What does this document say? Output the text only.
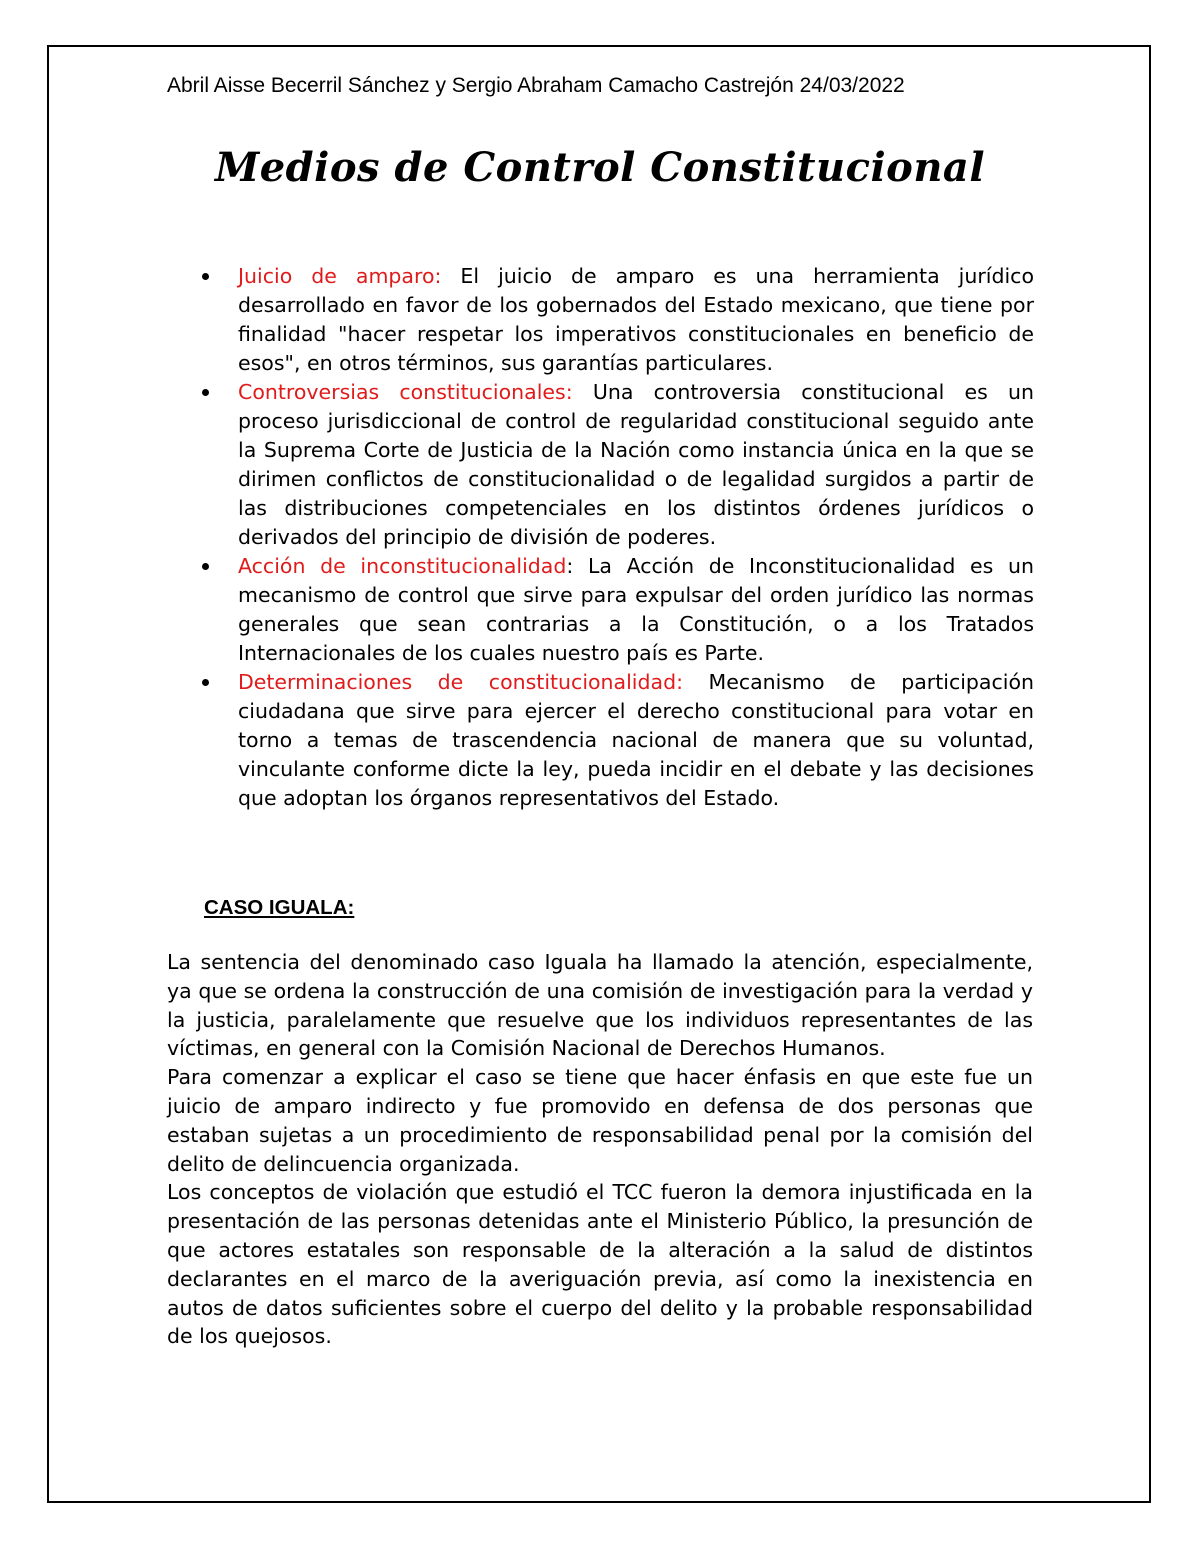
Abril Aisse Becerril Sánchez y Sergio Abraham Camacho Castrejón 24/03/2022
Medios de Control Constitucional
Juicio de amparo: El juicio de amparo es una herramienta jurídico desarrollado en favor de los gobernados del Estado mexicano, que tiene por finalidad "hacer respetar los imperativos constitucionales en beneficio de esos", en otros términos, sus garantías particulares.
Controversias constitucionales: Una controversia constitucional es un proceso jurisdiccional de control de regularidad constitucional seguido ante la Suprema Corte de Justicia de la Nación como instancia única en la que se dirimen conflictos de constitucionalidad o de legalidad surgidos a partir de las distribuciones competenciales en los distintos órdenes jurídicos o derivados del principio de división de poderes.
Acción de inconstitucionalidad: La Acción de Inconstitucionalidad es un mecanismo de control que sirve para expulsar del orden jurídico las normas generales que sean contrarias a la Constitución, o a los Tratados Internacionales de los cuales nuestro país es Parte.
Determinaciones de constitucionalidad: Mecanismo de participación ciudadana que sirve para ejercer el derecho constitucional para votar en torno a temas de trascendencia nacional de manera que su voluntad, vinculante conforme dicte la ley, pueda incidir en el debate y las decisiones que adoptan los órganos representativos del Estado.
CASO IGUALA:

La sentencia del denominado caso Iguala ha llamado la atención, especialmente, ya que se ordena la construcción de una comisión de investigación para la verdad y la justicia, paralelamente que resuelve que los individuos representantes de las víctimas, en general con la Comisión Nacional de Derechos Humanos.

Para comenzar a explicar el caso se tiene que hacer énfasis en que este fue un juicio de amparo indirecto y fue promovido en defensa de dos personas que estaban sujetas a un procedimiento de responsabilidad penal por la comisión del delito de delincuencia organizada.

Los conceptos de violación que estudió el TCC fueron la demora injustificada en la presentación de las personas detenidas ante el Ministerio Público, la presunción de que actores estatales son responsable de la alteración a la salud de distintos declarantes en el marco de la averiguación previa, así como la inexistencia en autos de datos suficientes sobre el cuerpo del delito y la probable responsabilidad de los quejosos.
